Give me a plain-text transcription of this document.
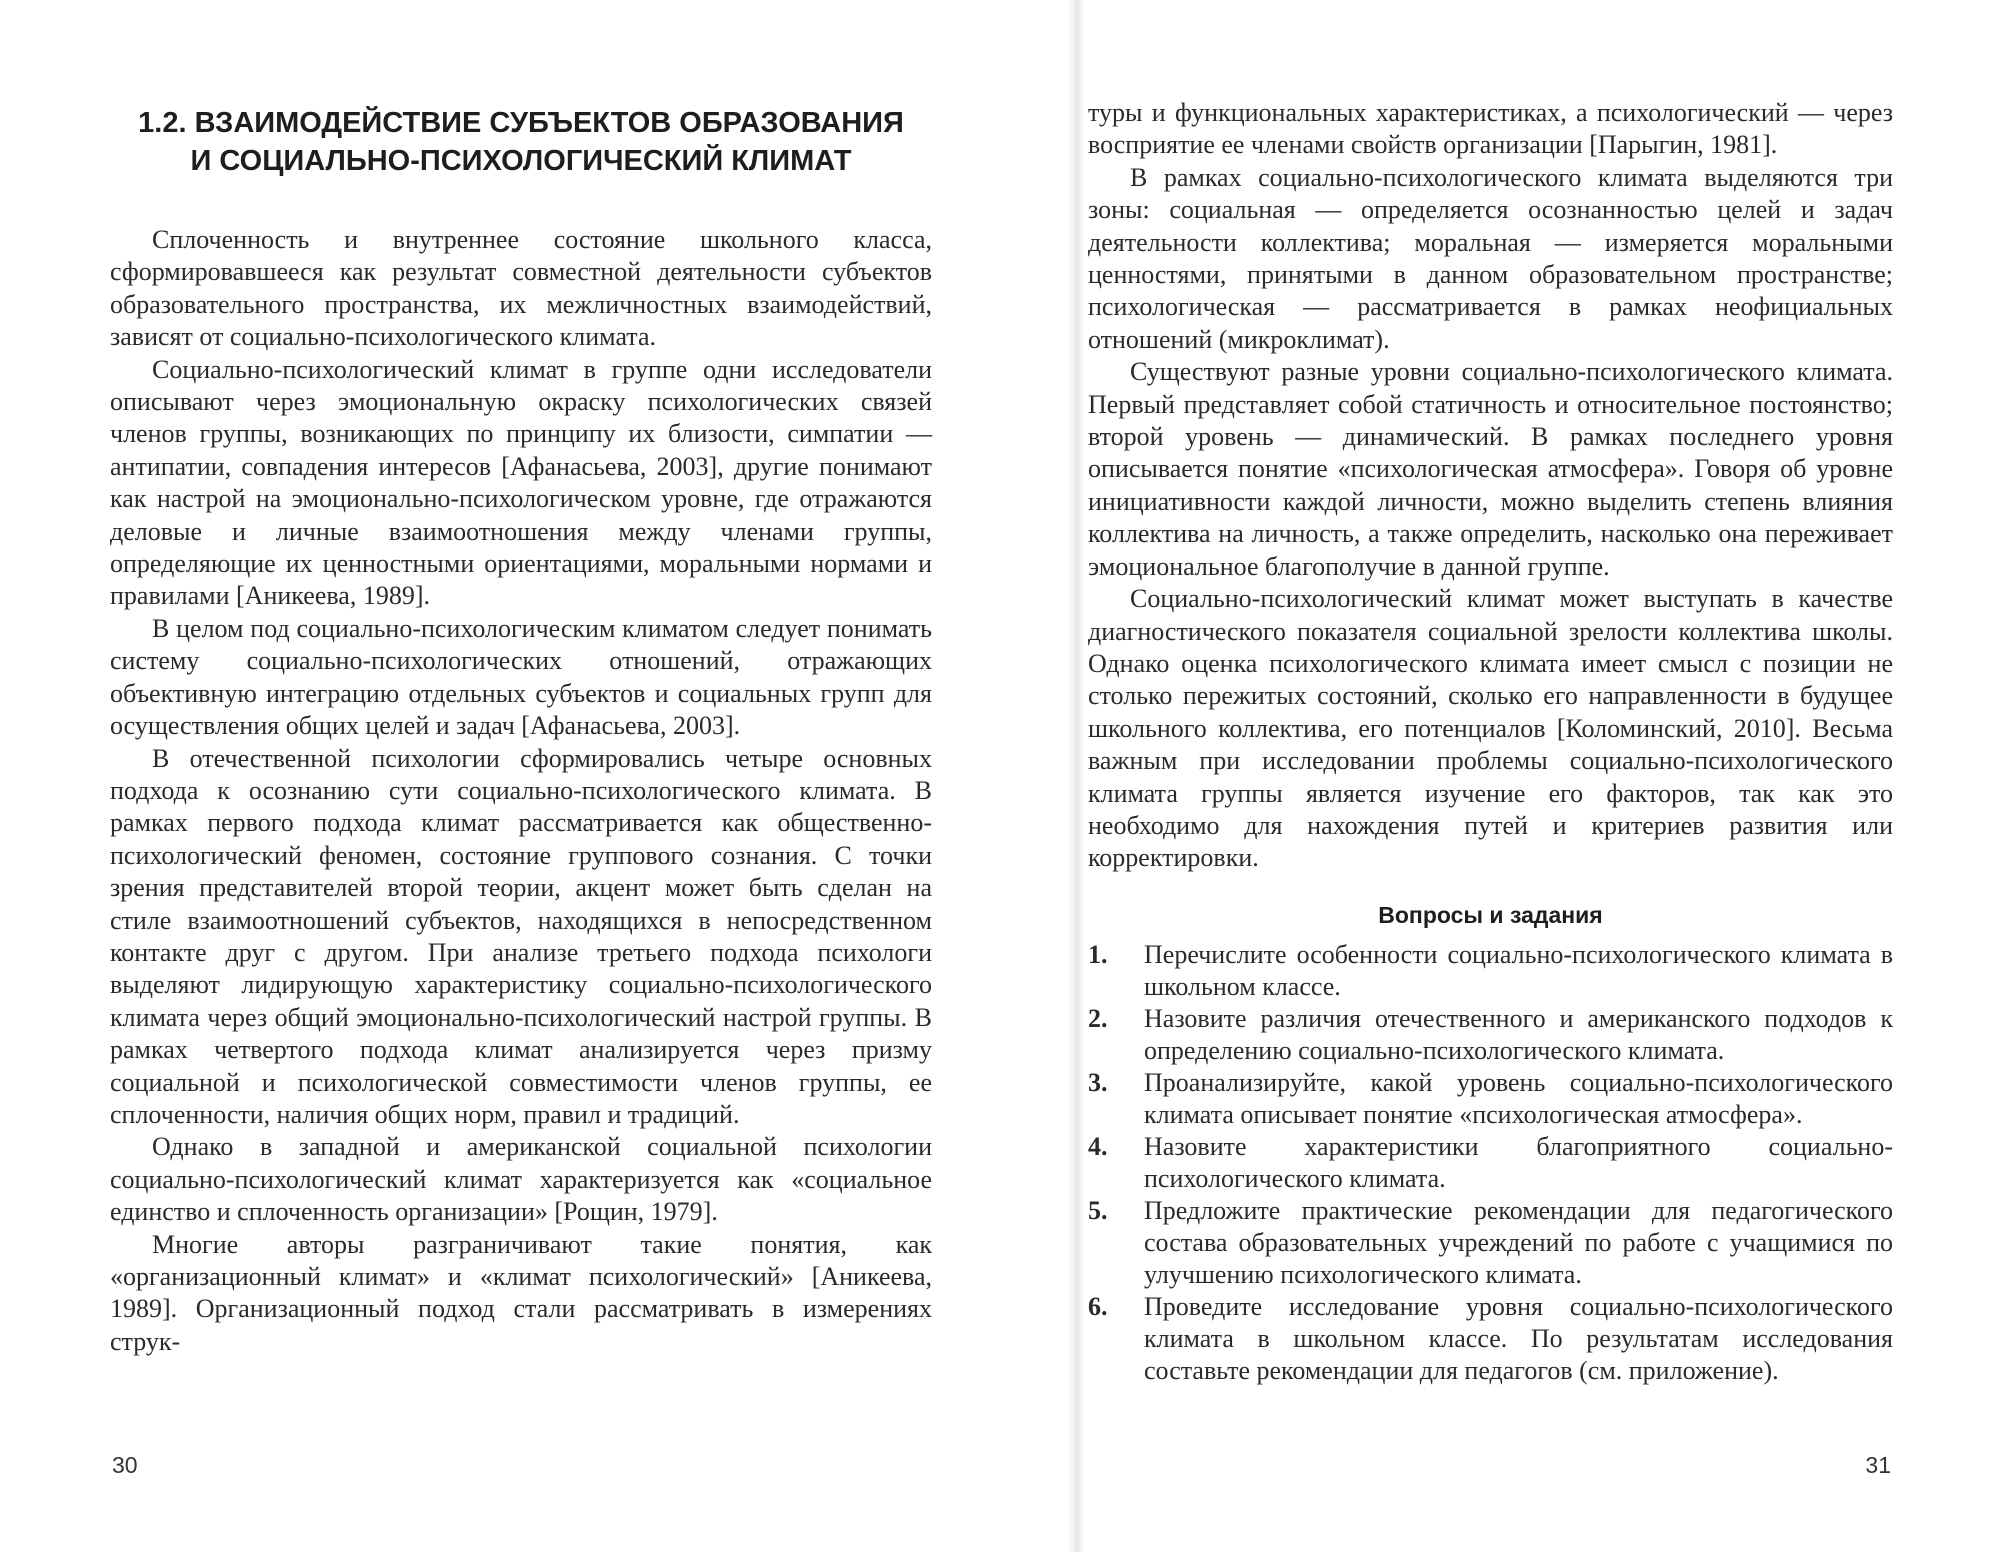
1.2. ВЗАИМОДЕЙСТВИЕ СУБЪЕКТОВ ОБРАЗОВАНИЯ
И СОЦИАЛЬНО-ПСИХОЛОГИЧЕСКИЙ КЛИМАТ

Сплоченность и внутреннее состояние школьного класса, сформировавшееся как результат совместной деятельности субъектов образовательного пространства, их межличностных взаимодействий, зависят от социально-психологического климата.

Социально-психологический климат в группе одни исследователи описывают через эмоциональную окраску психологических связей членов группы, возникающих по принципу их близости, симпатии — антипатии, совпадения интересов [Афанасьева, 2003], другие понимают как настрой на эмоционально-психологическом уровне, где отражаются деловые и личные взаимоотношения между членами группы, определяющие их ценностными ориентациями, моральными нормами и правилами [Аникеева, 1989].

В целом под социально-психологическим климатом следует понимать систему социально-психологических отношений, отражающих объективную интеграцию отдельных субъектов и социальных групп для осуществления общих целей и задач [Афанасьева, 2003].

В отечественной психологии сформировались четыре основных подхода к осознанию сути социально-психологического климата. В рамках первого подхода климат рассматривается как общественно-психологический феномен, состояние группового сознания. С точки зрения представителей второй теории, акцент может быть сделан на стиле взаимоотношений субъектов, находящихся в непосредственном контакте друг с другом. При анализе третьего подхода психологи выделяют лидирующую характеристику социально-психологического климата через общий эмоционально-психологический настрой группы. В рамках четвертого подхода климат анализируется через призму социальной и психологической совместимости членов группы, ее сплоченности, наличия общих норм, правил и традиций.

Однако в западной и американской социальной психологии социально-психологический климат характеризуется как «социальное единство и сплоченность организации» [Рощин, 1979].

Многие авторы разграничивают такие понятия, как «организационный климат» и «климат психологический» [Аникеева, 1989]. Организационный подход стали рассматривать в измерениях струк-

30

туры и функциональных характеристиках, а психологический — через восприятие ее членами свойств организации [Парыгин, 1981].

В рамках социально-психологического климата выделяются три зоны: социальная — определяется осознанностью целей и задач деятельности коллектива; моральная — измеряется моральными ценностями, принятыми в данном образовательном пространстве; психологическая — рассматривается в рамках неофициальных отношений (микроклимат).

Существуют разные уровни социально-психологического климата. Первый представляет собой статичность и относительное постоянство; второй уровень — динамический. В рамках последнего уровня описывается понятие «психологическая атмосфера». Говоря об уровне инициативности каждой личности, можно выделить степень влияния коллектива на личность, а также определить, насколько она переживает эмоциональное благополучие в данной группе.

Социально-психологический климат может выступать в качестве диагностического показателя социальной зрелости коллектива школы. Однако оценка психологического климата имеет смысл с позиции не столько пережитых состояний, сколько его направленности в будущее школьного коллектива, его потенциалов [Коломинский, 2010]. Весьма важным при исследовании проблемы социально-психологического климата группы является изучение его факторов, так как это необходимо для нахождения путей и критериев развития или корректировки.

Вопросы и задания
1.	Перечислите особенности социально-психологического климата в школьном классе.
2.	Назовите различия отечественного и американского подходов к определению социально-психологического климата.
3.	Проанализируйте, какой уровень социально-психологического климата описывает понятие «психологическая атмосфера».
4.	Назовите характеристики благоприятного социально-психологического климата.
5.	Предложите практические рекомендации для педагогического состава образовательных учреждений по работе с учащимися по улучшению психологического климата.
6.	Проведите исследование уровня социально-психологического климата в школьном классе. По результатам исследования составьте рекомендации для педагогов (см. приложение).
31
